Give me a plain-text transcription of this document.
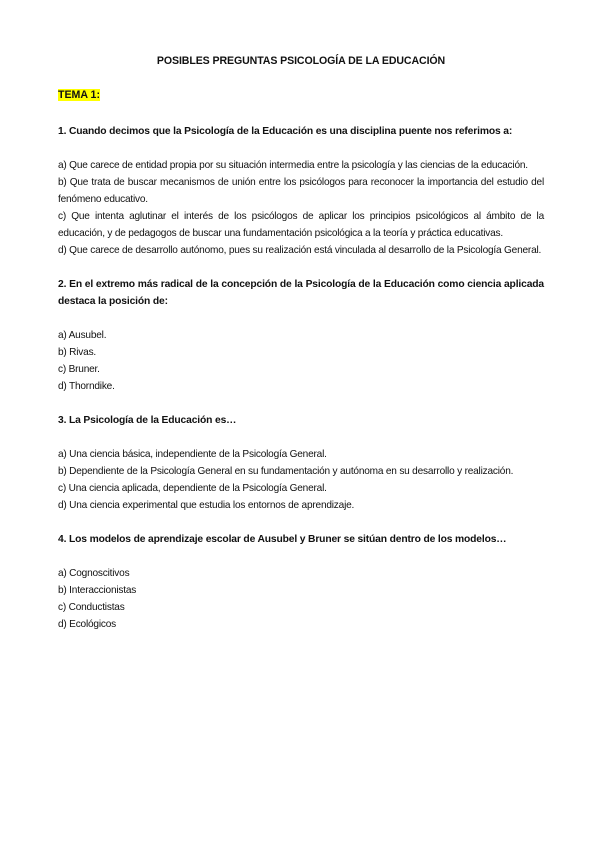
POSIBLES PREGUNTAS PSICOLOGÍA DE LA EDUCACIÓN
TEMA 1:
1. Cuando decimos que la Psicología de la Educación es una disciplina puente nos referimos a:

a) Que carece de entidad propia por su situación intermedia entre la psicología y las ciencias de la educación.

b) Que trata de buscar mecanismos de unión entre los psicólogos para reconocer la importancia del estudio del fenómeno educativo.

c) Que intenta aglutinar el interés de los psicólogos de aplicar los principios psicológicos al ámbito de la educación, y de pedagogos de buscar una fundamentación psicológica a la teoría y práctica educativas.

d) Que carece de desarrollo autónomo, pues su realización está vinculada al desarrollo de la Psicología General.

2. En el extremo más radical de la concepción de la Psicología de la Educación como ciencia aplicada destaca la posición de:

a) Ausubel.

b) Rivas.

c) Bruner.

d) Thorndike.

3. La Psicología de la Educación es…

a) Una ciencia básica, independiente de la Psicología General.

b) Dependiente de la Psicología General en su fundamentación y autónoma en su desarrollo y realización.

c) Una ciencia aplicada, dependiente de la Psicología General.

d) Una ciencia experimental que estudia los entornos de aprendizaje.

4. Los modelos de aprendizaje escolar de Ausubel y Bruner se sitúan dentro de los modelos…

a) Cognoscitivos

b) Interaccionistas

c) Conductistas

d) Ecológicos
